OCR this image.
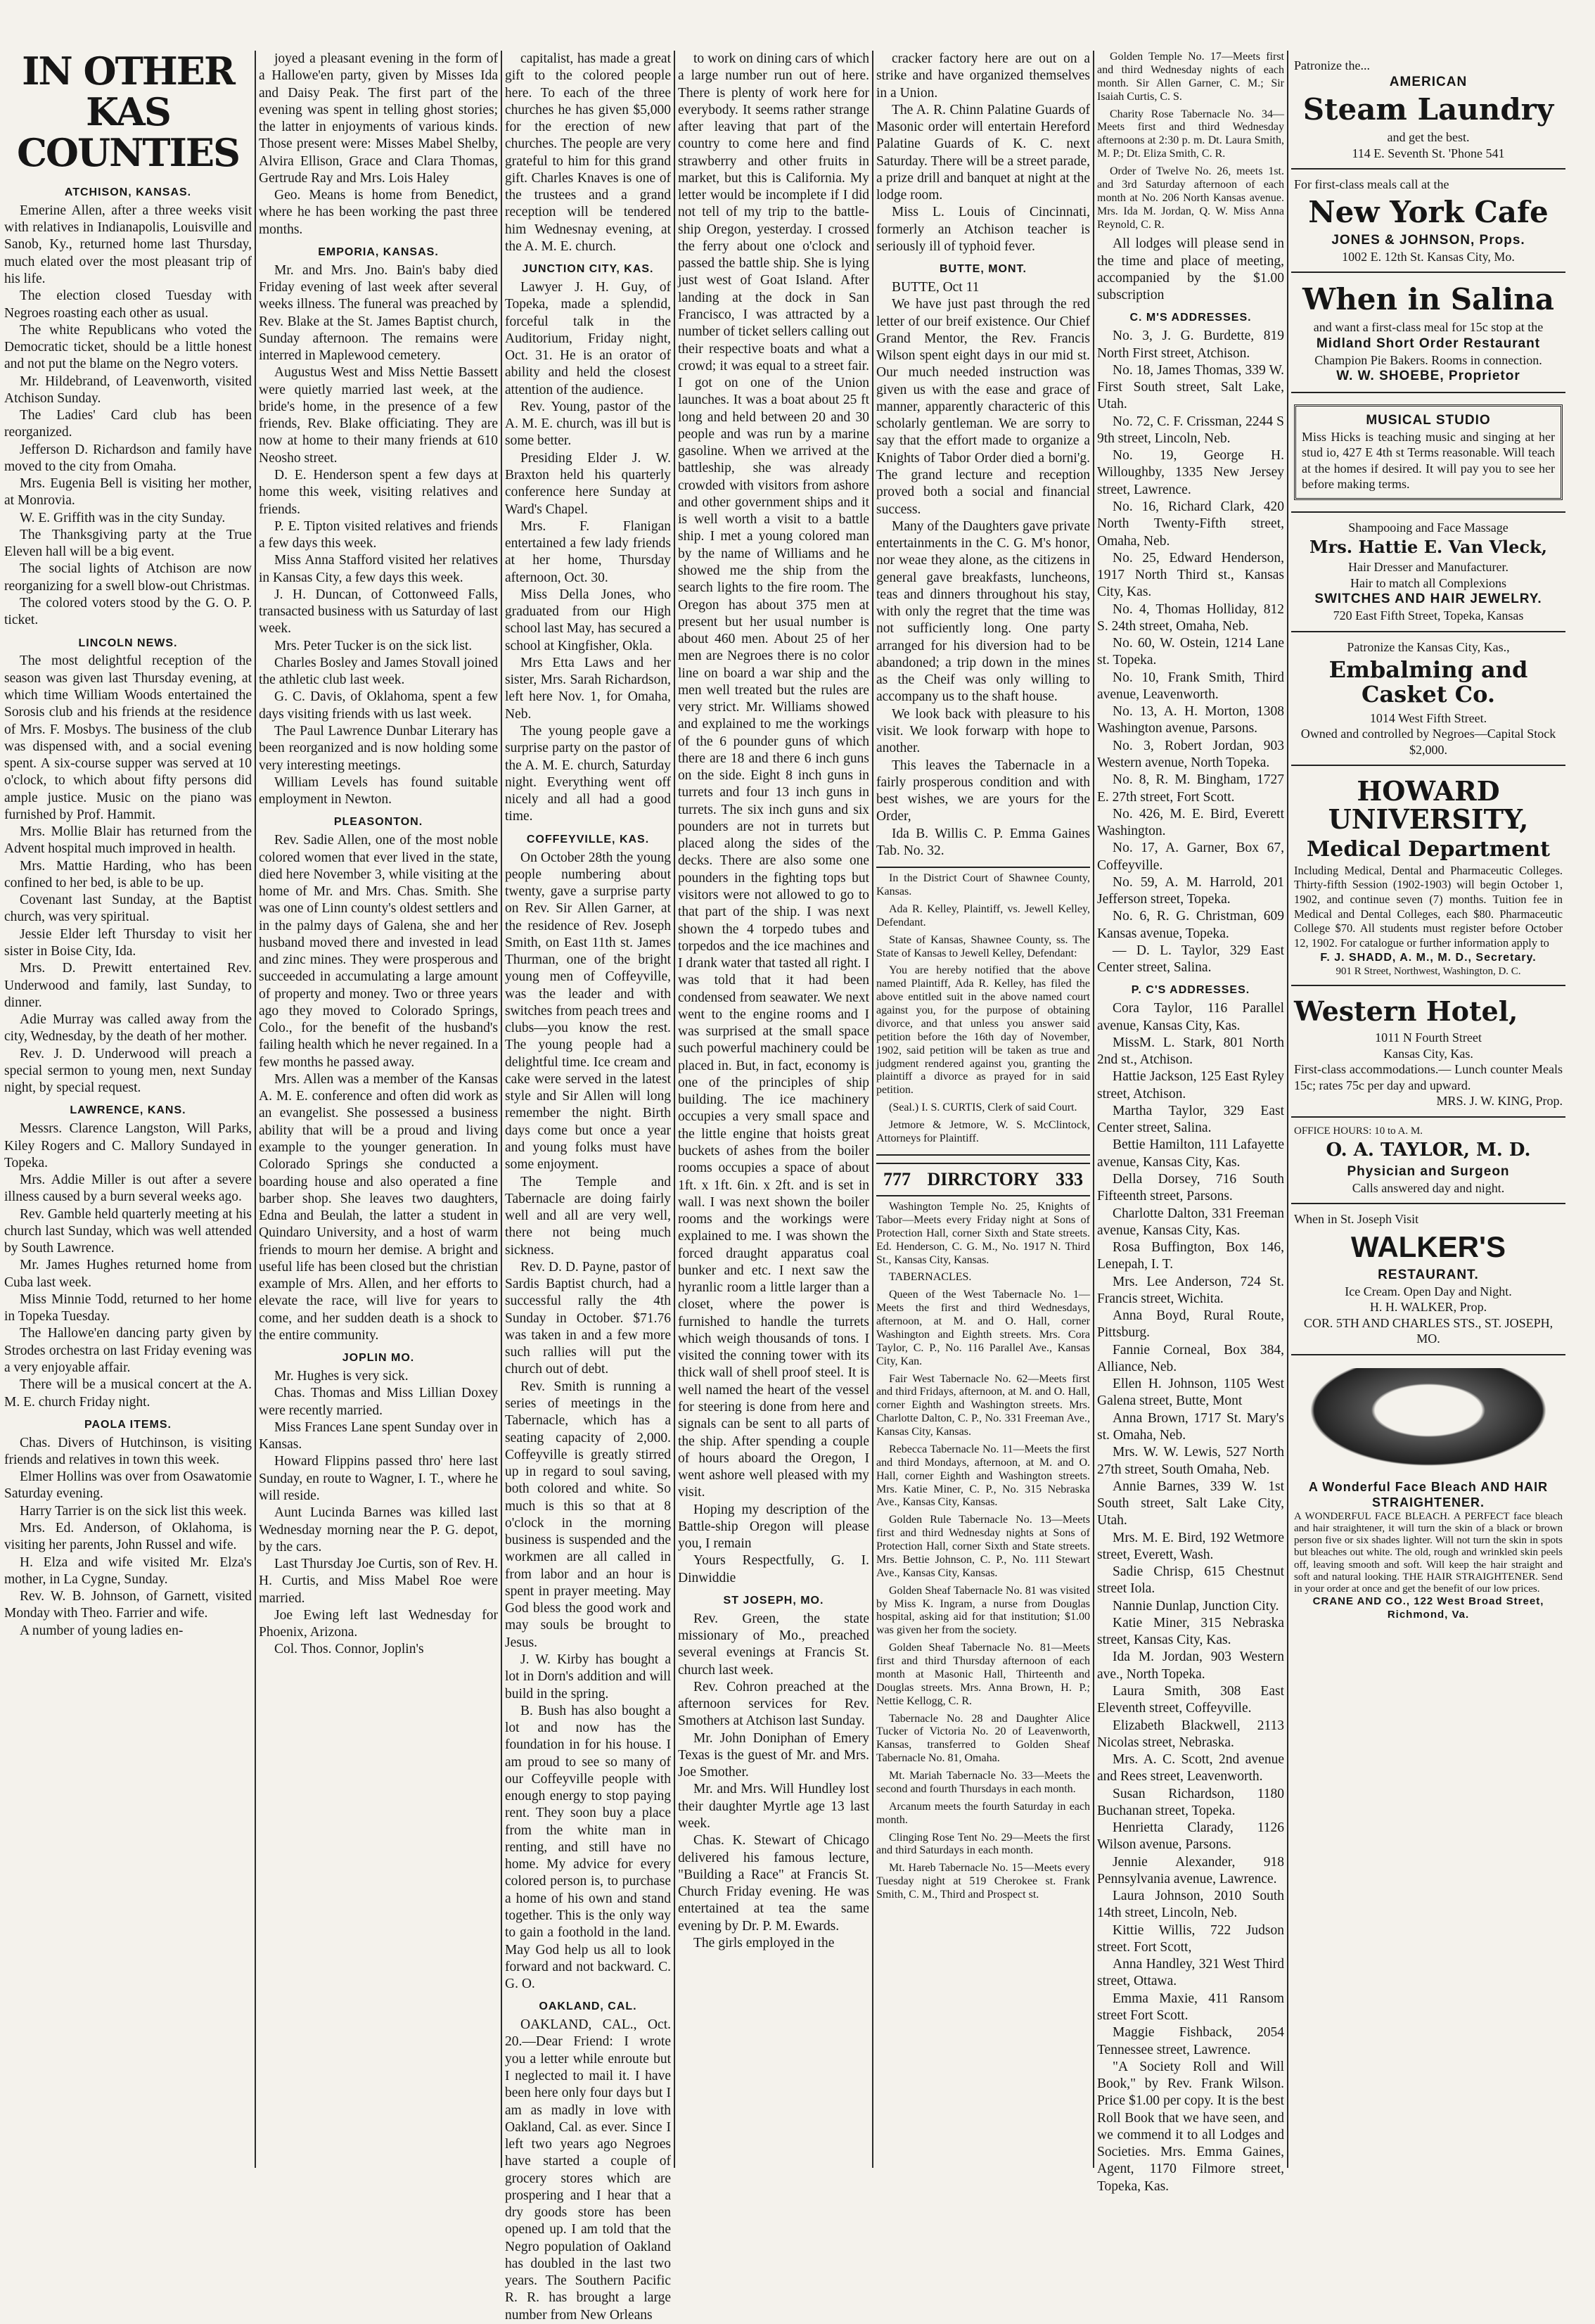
IN OTHER KAS COUNTIES
ATCHISON, KANSAS.

Emerine Allen, after a three weeks visit with relatives in Indianapolis, Louisville and Sanob, Ky., returned home last Thursday, much elated over the most pleasant trip of his life.

The election closed Tuesday with Negroes roasting each other as usual.

The white Republicans who voted the Democratic ticket, should be a little honest and not put the blame on the Negro voters.

Mr. Hildebrand, of Leavenworth, visited Atchison Sunday.

The Ladies' Card club has been reorganized.

Jefferson D. Richardson and family have moved to the city from Omaha.

Mrs. Eugenia Bell is visiting her mother, at Monrovia.

W. E. Griffith was in the city Sunday.

The Thanksgiving party at the True Eleven hall will be a big event.

The social lights of Atchison are now reorganizing for a swell blow-out Christmas.

The colored voters stood by the G. O. P. ticket.

LINCOLN NEWS.

The most delightful reception of the season was given last Thursday evening, at which time William Woods entertained the Sorosis club and his friends at the residence of Mrs. F. Mosbys. The business of the club was dispensed with, and a social evening spent. A six-course supper was served at 10 o'clock, to which about fifty persons did ample justice. Music on the piano was furnished by Prof. Hammit.

Mrs. Mollie Blair has returned from the Advent hospital much improved in health.

Mrs. Mattie Harding, who has been confined to her bed, is able to be up.

Covenant last Sunday, at the Baptist church, was very spiritual.

Jessie Elder left Thursday to visit her sister in Boise City, Ida.

Mrs. D. Prewitt entertained Rev. Underwood and family, last Sunday, to dinner.

Adie Murray was called away from the city, Wednesday, by the death of her mother.

Rev. J. D. Underwood will preach a special sermon to young men, next Sunday night, by special request.

LAWRENCE, KANS.

Messrs. Clarence Langston, Will Parks, Kiley Rogers and C. Mallory Sundayed in Topeka.

Mrs. Addie Miller is out after a severe illness caused by a burn several weeks ago.

Rev. Gamble held quarterly meeting at his church last Sunday, which was well attended by South Lawrence.

Mr. James Hughes returned home from Cuba last week.

Miss Minnie Todd, returned to her home in Topeka Tuesday.

The Hallowe'en dancing party given by Strodes orchestra on last Friday evening was a very enjoyable affair.

There will be a musical concert at the A. M. E. church Friday night.

PAOLA ITEMS.

Chas. Divers of Hutchinson, is visiting friends and relatives in town this week.

Elmer Hollins was over from Osawatomie Saturday evening.

Harry Tarrier is on the sick list this week.

Mrs. Ed. Anderson, of Oklahoma, is visiting her parents, John Russel and wife.

H. Elza and wife visited Mr. Elza's mother, in La Cygne, Sunday.

Rev. W. B. Johnson, of Garnett, visited Monday with Theo. Farrier and wife.

A number of young ladies en-

joyed a pleasant evening in the form of a Hallowe'en party, given by Misses Ida and Daisy Peak. The first part of the evening was spent in telling ghost stories; the latter in enjoyments of various kinds. Those present were: Misses Mabel Shelby, Alvira Ellison, Grace and Clara Thomas, Gertrude Ray and Mrs. Lois Haley

Geo. Means is home from Benedict, where he has been working the past three months.

EMPORIA, KANSAS.

Mr. and Mrs. Jno. Bain's baby died Friday evening of last week after several weeks illness. The funeral was preached by Rev. Blake at the St. James Baptist church, Sunday afternoon. The remains were interred in Maplewood cemetery.

Augustus West and Miss Nettie Bassett were quietly married last week, at the bride's home, in the presence of a few friends, Rev. Blake officiating. They are now at home to their many friends at 610 Neosho street.

D. E. Henderson spent a few days at home this week, visiting relatives and friends.

P. E. Tipton visited relatives and friends a few days this week.

Miss Anna Stafford visited her relatives in Kansas City, a few days this week.

J. H. Duncan, of Cottonweed Falls, transacted business with us Saturday of last week.

Mrs. Peter Tucker is on the sick list.

Charles Bosley and James Stovall joined the athletic club last week.

G. C. Davis, of Oklahoma, spent a few days visiting friends with us last week.

The Paul Lawrence Dunbar Literary has been reorganized and is now holding some very interesting meetings.

William Levels has found suitable employment in Newton.

PLEASONTON.

Rev. Sadie Allen, one of the most noble colored women that ever lived in the state, died here November 3, while visiting at the home of Mr. and Mrs. Chas. Smith. She was one of Linn county's oldest settlers and in the palmy days of Galena, she and her husband moved there and invested in lead and zinc mines. They were prosperous and succeeded in accumulating a large amount of property and money. Two or three years ago they moved to Colorado Springs, Colo., for the benefit of the husband's failing health which he never regained. In a few months he passed away.

Mrs. Allen was a member of the Kansas A. M. E. conference and often did work as an evangelist. She possessed a business ability that will be a proud and living example to the younger generation. In Colorado Springs she conducted a boarding house and also operated a fine barber shop. She leaves two daughters, Edna and Beulah, the latter a student in Quindaro University, and a host of warm friends to mourn her demise. A bright and useful life has been closed but the christian example of Mrs. Allen, and her efforts to elevate the race, will live for years to come, and her sudden death is a shock to the entire community.

JOPLIN MO.

Mr. Hughes is very sick.

Chas. Thomas and Miss Lillian Doxey were recently married.

Miss Frances Lane spent Sunday over in Kansas.

Howard Flippins passed thro' here last Sunday, en route to Wagner, I. T., where he will reside.

Aunt Lucinda Barnes was killed last Wednesday morning near the P. G. depot, by the cars.

Last Thursday Joe Curtis, son of Rev. H. H. Curtis, and Miss Mabel Roe were married.

Joe Ewing left last Wednesday for Phoenix, Arizona.

Col. Thos. Connor, Joplin's

capitalist, has made a great gift to the colored people here. To each of the three churches he has given $5,000 for the erection of new churches. The people are very grateful to him for this grand gift. Charles Knaves is one of the trustees and a grand reception will be tendered him Wednesnay evening, at the A. M. E. church.

JUNCTION CITY, KAS.

Lawyer J. H. Guy, of Topeka, made a splendid, forceful talk in the Auditorium, Friday night, Oct. 31. He is an orator of ability and held the closest attention of the audience.

Rev. Young, pastor of the A. M. E. church, was ill but is some better.

Presiding Elder J. W. Braxton held his quarterly conference here Sunday at Ward's Chapel.

Mrs. F. Flanigan entertained a few lady friends at her home, Thursday afternoon, Oct. 30.

Miss Della Jones, who graduated from our High school last May, has secured a school at Kingfisher, Okla.

Mrs Etta Laws and her sister, Mrs. Sarah Richardson, left here Nov. 1, for Omaha, Neb.

The young people gave a surprise party on the pastor of the A. M. E. church, Saturday night. Everything went off nicely and all had a good time.

COFFEYVILLE, KAS.

On October 28th the young people numbering about twenty, gave a surprise party on Rev. Sir Allen Garner, at the residence of Rev. Joseph Smith, on East 11th st. James Thurman, one of the bright young men of Coffeyville, was the leader and with switches from peach trees and clubs—you know the rest. The young people had a delightful time. Ice cream and cake were served in the latest style and Sir Allen will long remember the night. Birth days come but once a year and young folks must have some enjoyment.

The Temple and Tabernacle are doing fairly well and all are very well, there not being much sickness.

Rev. D. D. Payne, pastor of Sardis Baptist church, had a successful rally the 4th Sunday in October. $71.76 was taken in and a few more such rallies will put the church out of debt.

Rev. Smith is running a series of meetings in the Tabernacle, which has a seating capacity of 2,000. Coffeyville is greatly stirred up in regard to soul saving, both colored and white. So much is this so that at 8 o'clock in the morning business is suspended and the workmen are all called in from labor and an hour is spent in prayer meeting. May God bless the good work and may souls be brought to Jesus.

J. W. Kirby has bought a lot in Dorn's addition and will build in the spring.

B. Bush has also bought a lot and now has the foundation in for his house. I am proud to see so many of our Coffeyville people with enough energy to stop paying rent. They soon buy a place from the white man in renting, and still have no home. My advice for every colored person is, to purchase a home of his own and stand together. This is the only way to gain a foothold in the land. May God help us all to look forward and not backward. C. G. O.

OAKLAND, CAL.

OAKLAND, CAL., Oct. 20.—Dear Friend: I wrote you a letter while enroute but I neglected to mail it. I have been here only four days but I am as madly in love with Oakland, Cal. as ever. Since I left two years ago Negroes have started a couple of grocery stores which are prospering and I hear that a dry goods store has been opened up. I am told that the Negro population of Oakland has doubled in the last two years. The Southern Pacific R. R. has brought a large number from New Orleans

to work on dining cars of which a large number run out of here. There is plenty of work here for everybody. It seems rather strange after leaving that part of the country to come here and find strawberry and other fruits in market, but this is California. My letter would be incomplete if I did not tell of my trip to the battle-ship Oregon, yesterday. I crossed the ferry about one o'clock and passed the battle ship. She is lying just west of Goat Island. After landing at the dock in San Francisco, I was attracted by a number of ticket sellers calling out their respective boats and what a crowd; it was equal to a street fair. I got on one of the Union launches. It was a boat about 25 ft long and held between 20 and 30 people and was run by a marine gasoline. When we arrived at the battleship, she was already crowded with visitors from ashore and other government ships and it is well worth a visit to a battle ship. I met a young colored man by the name of Williams and he showed me the ship from the search lights to the fire room. The Oregon has about 375 men at present but her usual number is about 460 men. About 25 of her men are Negroes there is no color line on board a war ship and the men well treated but the rules are very strict. Mr. Williams showed and explained to me the workings of the 6 pounder guns of which there are 18 and there 6 inch guns on the side. Eight 8 inch guns in turrets and four 13 inch guns in turrets. The six inch guns and six pounders are not in turrets but placed along the sides of the decks. There are also some one pounders in the fighting tops but visitors were not allowed to go to that part of the ship. I was next shown the 4 torpedo tubes and torpedos and the ice machines and I drank water that tasted all right. I was told that it had been condensed from seawater. We next went to the engine rooms and I was surprised at the small space such powerful machinery could be placed in. But, in fact, economy is one of the principles of ship building. The ice machinery occupies a very small space and the little engine that hoists great buckets of ashes from the boiler rooms occupies a space of about 1ft. x 1ft. 6in. x 2ft. and is set in wall. I was next shown the boiler rooms and the workings were explained to me. I was shown the forced draught apparatus coal bunker and etc. I next saw the hyranlic room a little larger than a closet, where the power is furnished to handle the turrets which weigh thousands of tons. I visited the conning tower with its thick wall of shell proof steel. It is well named the heart of the vessel for steering is done from here and signals can be sent to all parts of the ship. After spending a couple of hours aboard the Oregon, I went ashore well pleased with my visit.

Hoping my description of the Battle-ship Oregon will please you, I remain

Yours Respectfully, G. I. Dinwiddie

ST JOSEPH, MO.

Rev. Green, the state missionary of Mo., preached several evenings at Francis St. church last week.

Rev. Cohron preached at the afternoon services for Rev. Smothers at Atchison last Sunday.

Mr. John Doniphan of Emery Texas is the guest of Mr. and Mrs. Joe Smother.

Mr. and Mrs. Will Hundley lost their daughter Myrtle age 13 last week.

Chas. K. Stewart of Chicago delivered his famous lecture, "Building a Race" at Francis St. Church Friday evening. He was entertained at tea the same evening by Dr. P. M. Ewards.

The girls employed in the

cracker factory here are out on a strike and have organized themselves in a Union.

The A. R. Chinn Palatine Guards of Masonic order will entertain Hereford Palatine Guards of K. C. next Saturday. There will be a street parade, a prize drill and banquet at night at the lodge room.

Miss L. Louis of Cincinnati, formerly an Atchison teacher is seriously ill of typhoid fever.

BUTTE, MONT.

BUTTE, Oct 11

We have just past through the red letter of our breif existence. Our Chief Grand Mentor, the Rev. Francis Wilson spent eight days in our mid st. Our much needed instruction was given us with the ease and grace of manner, apparently characteric of this scholarly gentleman. We are sorry to say that the effort made to organize a Knights of Tabor Order died a borni'g. The grand lecture and reception proved both a social and financial success.

Many of the Daughters gave private entertainments in the C. G. M's honor, nor weae they alone, as the citizens in general gave breakfasts, luncheons, teas and dinners throughout his stay, with only the regret that the time was not sufficiently long. One party arranged for his diversion had to be abandoned; a trip down in the mines as the Cheif was only willing to accompany us to the shaft house.

We look back with pleasure to his visit. We look forwarp with hope to another.

This leaves the Tabernacle in a fairly prosperous condition and with best wishes, we are yours for the Order,

Ida B. Willis C. P. Emma Gaines Tab. No. 32.

In the District Court of Shawnee County, Kansas.

Ada R. Kelley, Plaintiff, vs. Jewell Kelley, Defendant.

State of Kansas, Shawnee County, ss. The State of Kansas to Jewell Kelley, Defendant:

You are hereby notified that the above named Plaintiff, Ada R. Kelley, has filed the above entitled suit in the above named court against you, for the purpose of obtaining divorce, and that unless you answer said petition before the 16th day of November, 1902, said petition will be taken as true and judgment rendered against you, granting the plaintiff a divorce as prayed for in said petition.

(Seal.) I. S. CURTIS, Clerk of said Court.

Jetmore & Jetmore, W. S. McClintock, Attorneys for Plaintiff.

777 DIRRCTORY 333

Washington Temple No. 25, Knights of Tabor—Meets every Friday night at Sons of Protection Hall, corner Sixth and State streets. Ed. Henderson, C. G. M., No. 1917 N. Third St., Kansas City, Kansas.

TABERNACLES.

Queen of the West Tabernacle No. 1—Meets the first and third Wednesdays, afternoon, at M. and O. Hall, corner Washington and Eighth streets. Mrs. Cora Taylor, C. P., No. 116 Parallel Ave., Kansas City, Kan.

Fair West Tabernacle No. 62—Meets first and third Fridays, afternoon, at M. and O. Hall, corner Eighth and Washington streets. Mrs. Charlotte Dalton, C. P., No. 331 Freeman Ave., Kansas City, Kansas.

Rebecca Tabernacle No. 11—Meets the first and third Mondays, afternoon, at M. and O. Hall, corner Eighth and Washington streets. Mrs. Katie Miner, C. P., No. 315 Nebraska Ave., Kansas City, Kansas.

Golden Rule Tabernacle No. 13—Meets first and third Wednesday nights at Sons of Protection Hall, corner Sixth and State streets. Mrs. Bettie Johnson, C. P., No. 111 Stewart Ave., Kansas City, Kansas.

Golden Sheaf Tabernacle No. 81 was visited by Miss K. Ingram, a nurse from Douglas hospital, asking aid for that institution; $1.00 was given her from the society.

Golden Sheaf Tabernacle No. 81—Meets first and third Thursday afternoon of each month at Masonic Hall, Thirteenth and Douglas streets. Mrs. Anna Brown, H. P.; Nettie Kellogg, C. R.

Tabernacle No. 28 and Daughter Alice Tucker of Victoria No. 20 of Leavenworth, Kansas, transferred to Golden Sheaf Tabernacle No. 81, Omaha.

Mt. Mariah Tabernacle No. 33—Meets the second and fourth Thursdays in each month.

Arcanum meets the fourth Saturday in each month.

Clinging Rose Tent No. 29—Meets the first and third Saturdays in each month.

Mt. Hareb Tabernacle No. 15—Meets every Tuesday night at 519 Cherokee st. Frank Smith, C. M., Third and Prospect st.

Golden Temple No. 17—Meets first and third Wednesday nights of each month. Sir Allen Garner, C. M.; Sir Isaiah Curtis, C. S.

Charity Rose Tabernacle No. 34—Meets first and third Wednesday afternoons at 2:30 p. m. Dt. Laura Smith, M. P.; Dt. Eliza Smith, C. R.

Order of Twelve No. 26, meets 1st. and 3rd Saturday afternoon of each month at No. 206 North Kansas avenue. Mrs. Ida M. Jordan, Q. W. Miss Anna Reynold, C. R.

All lodges will please send in the time and place of meeting, accompanied by the $1.00 subscription

C. M'S ADDRESSES.

No. 3, J. G. Burdette, 819 North First street, Atchison.

No. 18, James Thomas, 339 W. First South street, Salt Lake, Utah.

No. 72, C. F. Crissman, 2244 S 9th street, Lincoln, Neb.

No. 19, George H. Willoughby, 1335 New Jersey street, Lawrence.

No. 16, Richard Clark, 420 North Twenty-Fifth street, Omaha, Neb.

No. 25, Edward Henderson, 1917 North Third st., Kansas City, Kas.

No. 4, Thomas Holliday, 812 S. 24th street, Omaha, Neb.

No. 60, W. Ostein, 1214 Lane st. Topeka.

No. 10, Frank Smith, Third avenue, Leavenworth.

No. 13, A. H. Morton, 1308 Washington avenue, Parsons.

No. 3, Robert Jordan, 903 Western avenue, North Topeka.

No. 8, R. M. Bingham, 1727 E. 27th street, Fort Scott.

No. 426, M. E. Bird, Everett Washington.

No. 17, A. Garner, Box 67, Coffeyville.

No. 59, A. M. Harrold, 201 Jefferson street, Topeka.

No. 6, R. G. Christman, 609 Kansas avenue, Topeka.

— D. L. Taylor, 329 East Center street, Salina.

P. C'S ADDRESSES.

Cora Taylor, 116 Parallel avenue, Kansas City, Kas.

MissM. L. Stark, 801 North 2nd st., Atchison.

Hattie Jackson, 125 East Ryley street, Atchison.

Martha Taylor, 329 East Center street, Salina.

Bettie Hamilton, 111 Lafayette avenue, Kansas City, Kas.

Della Dorsey, 716 South Fifteenth street, Parsons.

Charlotte Dalton, 331 Freeman avenue, Kansas City, Kas.

Rosa Buffington, Box 146, Lenepah, I. T.

Mrs. Lee Anderson, 724 St. Francis street, Wichita.

Anna Boyd, Rural Route, Pittsburg.

Fannie Corneal, Box 384, Alliance, Neb.

Ellen H. Johnson, 1105 West Galena street, Butte, Mont

Anna Brown, 1717 St. Mary's st. Omaha, Neb.

Mrs. W. W. Lewis, 527 North 27th street, South Omaha, Neb.

Annie Barnes, 339 W. 1st South street, Salt Lake City, Utah.

Mrs. M. E. Bird, 192 Wetmore street, Everett, Wash.

Sadie Chrisp, 615 Chestnut street Iola.

Nannie Dunlap, Junction City.

Katie Miner, 315 Nebraska street, Kansas City, Kas.

Ida M. Jordan, 903 Western ave., North Topeka.

Laura Smith, 308 East Eleventh street, Coffeyville.

Elizabeth Blackwell, 2113 Nicolas street, Nebraska.

Mrs. A. C. Scott, 2nd avenue and Rees street, Leavenworth.

Susan Richardson, 1180 Buchanan street, Topeka.

Henrietta Clarady, 1126 Wilson avenue, Parsons.

Jennie Alexander, 918 Pennsylvania avenue, Lawrence.

Laura Johnson, 2010 South 14th street, Lincoln, Neb.

Kittie Willis, 722 Judson street. Fort Scott,

Anna Handley, 321 West Third street, Ottawa.

Emma Maxie, 411 Ransom street Fort Scott.

Maggie Fishback, 2054 Tennessee street, Lawrence.

"A Society Roll and Will Book," by Rev. Frank Wilson. Price $1.00 per copy. It is the best Roll Book that we have seen, and we commend it to all Lodges and Societies. Mrs. Emma Gaines, Agent, 1170 Filmore street, Topeka, Kas.

Patronize the...
AMERICAN
Steam Laundry
and get the best.
114 E. Seventh St. 'Phone 541
For first-class meals call at the
New York Cafe
JONES & JOHNSON, Props.
1002 E. 12th St. Kansas City, Mo.
When in Salina
and want a first-class meal for 15c stop at the
Midland Short Order Restaurant
Champion Pie Bakers. Rooms in connection.
W. W. SHOEBE, Proprietor
MUSICAL STUDIO
Miss Hicks is teaching music and singing at her stud io, 427 E 4th st Terms reasonable. Will teach at the homes if desired. It will pay you to see her before making terms.
Shampooing and Face Massage
Mrs. Hattie E. Van Vleck,
Hair Dresser and Manufacturer.
Hair to match all Complexions
SWITCHES AND HAIR JEWELRY.
720 East Fifth Street, Topeka, Kansas
Patronize the Kansas City, Kas.,
Embalming and Casket Co.
1014 West Fifth Street.
Owned and controlled by Negroes—Capital Stock $2,000.
HOWARD UNIVERSITY,
Medical Department
Including Medical, Dental and Pharmaceutic Colleges. Thirty-fifth Session (1902-1903) will begin October 1, 1902, and continue seven (7) months. Tuition fee in Medical and Dental Colleges, each $80. Pharmaceutic College $70. All students must register before October 12, 1902. For catalogue or further information apply to
F. J. SHADD, A. M., M. D., Secretary.
901 R Street, Northwest, Washington, D. C.
Western Hotel,
1011 N Fourth Street
Kansas City, Kas.
First-class accommodations.— Lunch counter Meals 15c; rates 75c per day and upward.
MRS. J. W. KING, Prop.
OFFICE HOURS: 10 to A. M.
O. A. TAYLOR, M. D.
Physician and Surgeon
Calls answered day and night.
When in St. Joseph Visit
WALKER'S
RESTAURANT.
Ice Cream. Open Day and Night.
H. H. WALKER, Prop.
COR. 5TH AND CHARLES STS., ST. JOSEPH, MO.
A Wonderful Face Bleach AND HAIR STRAIGHTENER.
A WONDERFUL FACE BLEACH. A PERFECT face bleach and hair straightener, it will turn the skin of a black or brown person five or six shades lighter. Will not turn the skin in spots but bleaches out white. The old, rough and wrinkled skin peels off, leaving smooth and soft. Will keep the hair straight and soft and natural looking. THE HAIR STRAIGHTENER. Send in your order at once and get the benefit of our low prices.
CRANE AND CO., 122 West Broad Street, Richmond, Va.
